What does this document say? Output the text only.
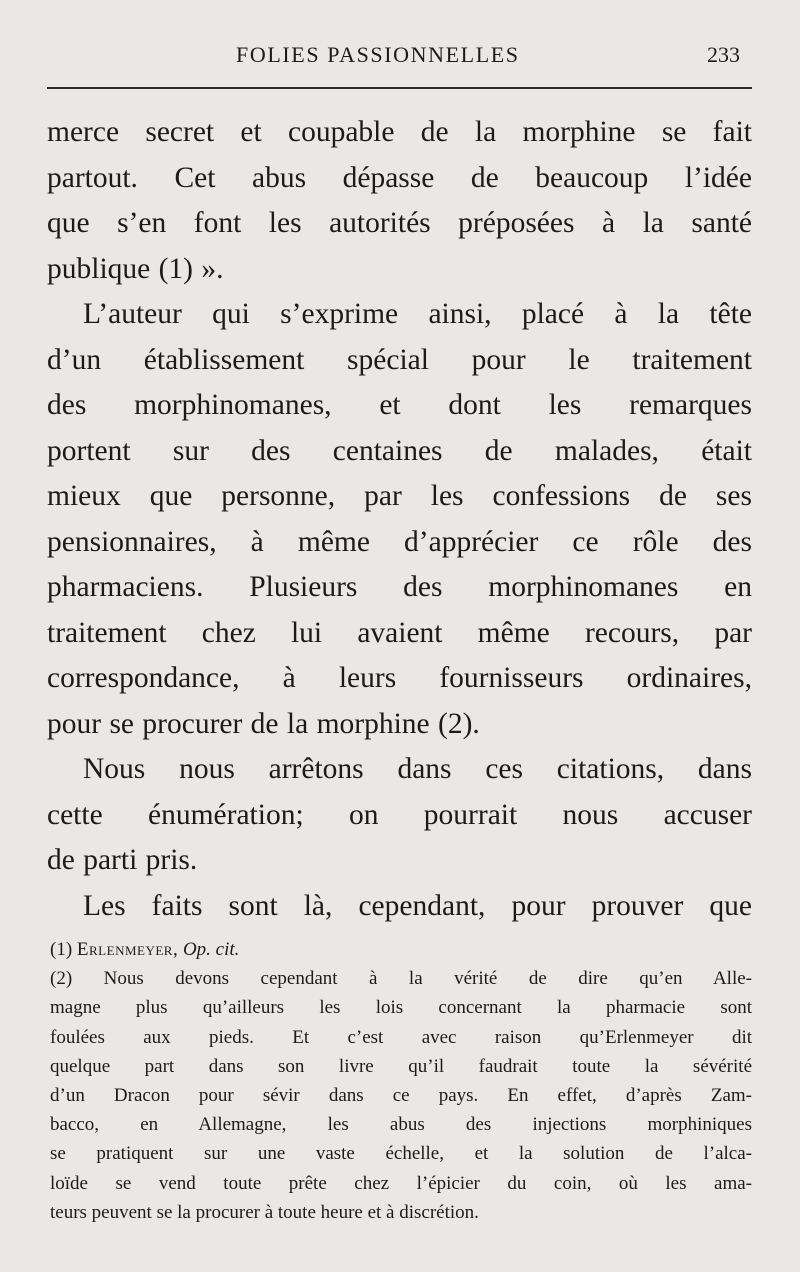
FOLIES PASSIONNELLES	233
merce secret et coupable de la morphine se fait
partout. Cet abus dépasse de beaucoup l’idée
que s’en font les autorités préposées à la santé
publique (1) ».
L’auteur qui s’exprime ainsi, placé à la tête
d’un établissement spécial pour le traitement
des morphinomanes, et dont les remarques
portent sur des centaines de malades, était
mieux que personne, par les confessions de ses
pensionnaires, à même d’apprécier ce rôle des
pharmaciens. Plusieurs des morphinomanes en
traitement chez lui avaient même recours, par
correspondance, à leurs fournisseurs ordinaires,
pour se procurer de la morphine (2).
Nous nous arrêtons dans ces citations, dans
cette énumération; on pourrait nous accuser
de parti pris.
Les faits sont là, cependant, pour prouver que
(1) Erlenmeyer, Op. cit.
(2) Nous devons cependant à la vérité de dire qu’en Alle-
magne plus qu’ailleurs les lois concernant la pharmacie sont
foulées aux pieds. Et c’est avec raison qu’Erlenmeyer dit
quelque part dans son livre qu’il faudrait toute la sévérité
d’un Dracon pour sévir dans ce pays. En effet, d’après Zam-
bacco, en Allemagne, les abus des injections morphiniques
se pratiquent sur une vaste échelle, et la solution de l’alca-
loïde se vend toute prête chez l’épicier du coin, où les ama-
teurs peuvent se la procurer à toute heure et à discrétion.
